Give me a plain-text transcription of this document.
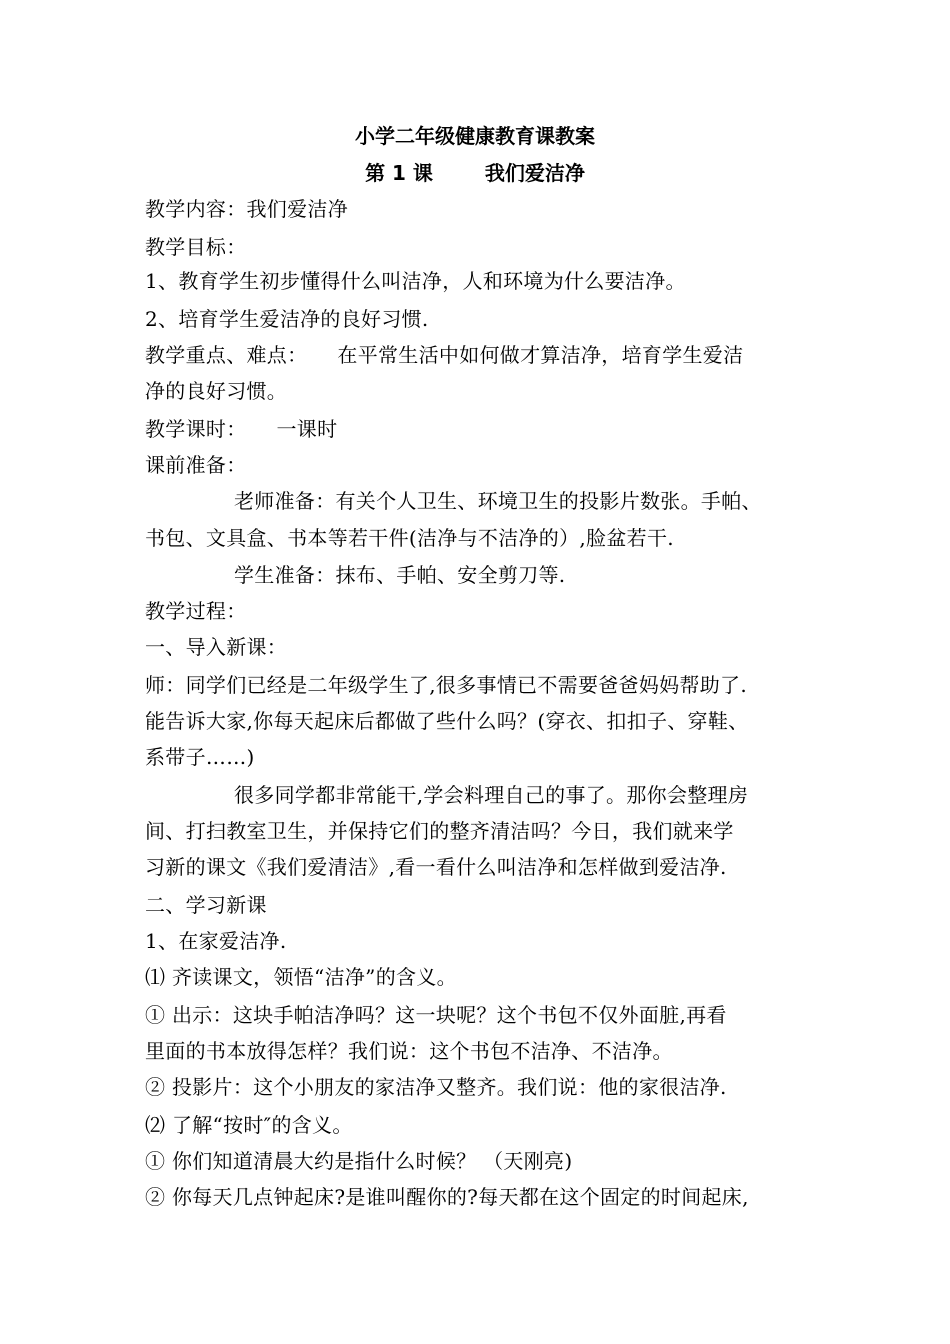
小学二年级健康教育课教案
第 1 课	我们爱洁净
教学内容：我们爱洁净
教学目标：
1、教育学生初步懂得什么叫洁净，人和环境为什么要洁净。
2、培育学生爱洁净的良好习惯.
教学重点、难点： 在平常生活中如何做才算洁净，培育学生爱洁
净的良好习惯。
教学课时： 一课时
课前准备：
老师准备：有关个人卫生、环境卫生的投影片数张。手帕、
书包、文具盒、书本等若干件(洁净与不洁净的）,脸盆若干.
学生准备：抹布、手帕、安全剪刀等.
教学过程：
一、导入新课：
师：同学们已经是二年级学生了,很多事情已不需要爸爸妈妈帮助了.
能告诉大家,你每天起床后都做了些什么吗？(穿衣、扣扣子、穿鞋、
系带子……)
很多同学都非常能干,学会料理自己的事了。那你会整理房
间、打扫教室卫生，并保持它们的整齐清洁吗？今日，我们就来学
习新的课文《我们爱清洁》,看一看什么叫洁净和怎样做到爱洁净.
二、学习新课
1、在家爱洁净.
⑴ 齐读课文，领悟“洁净”的含义。
① 出示：这块手帕洁净吗？这一块呢？这个书包不仅外面脏,再看
里面的书本放得怎样？我们说：这个书包不洁净、不洁净。
② 投影片：这个小朋友的家洁净又整齐。我们说：他的家很洁净.
⑵ 了解“按时″的含义。
① 你们知道清晨大约是指什么时候？ （天刚亮)
② 你每天几点钟起床?是谁叫醒你的?每天都在这个固定的时间起床,
